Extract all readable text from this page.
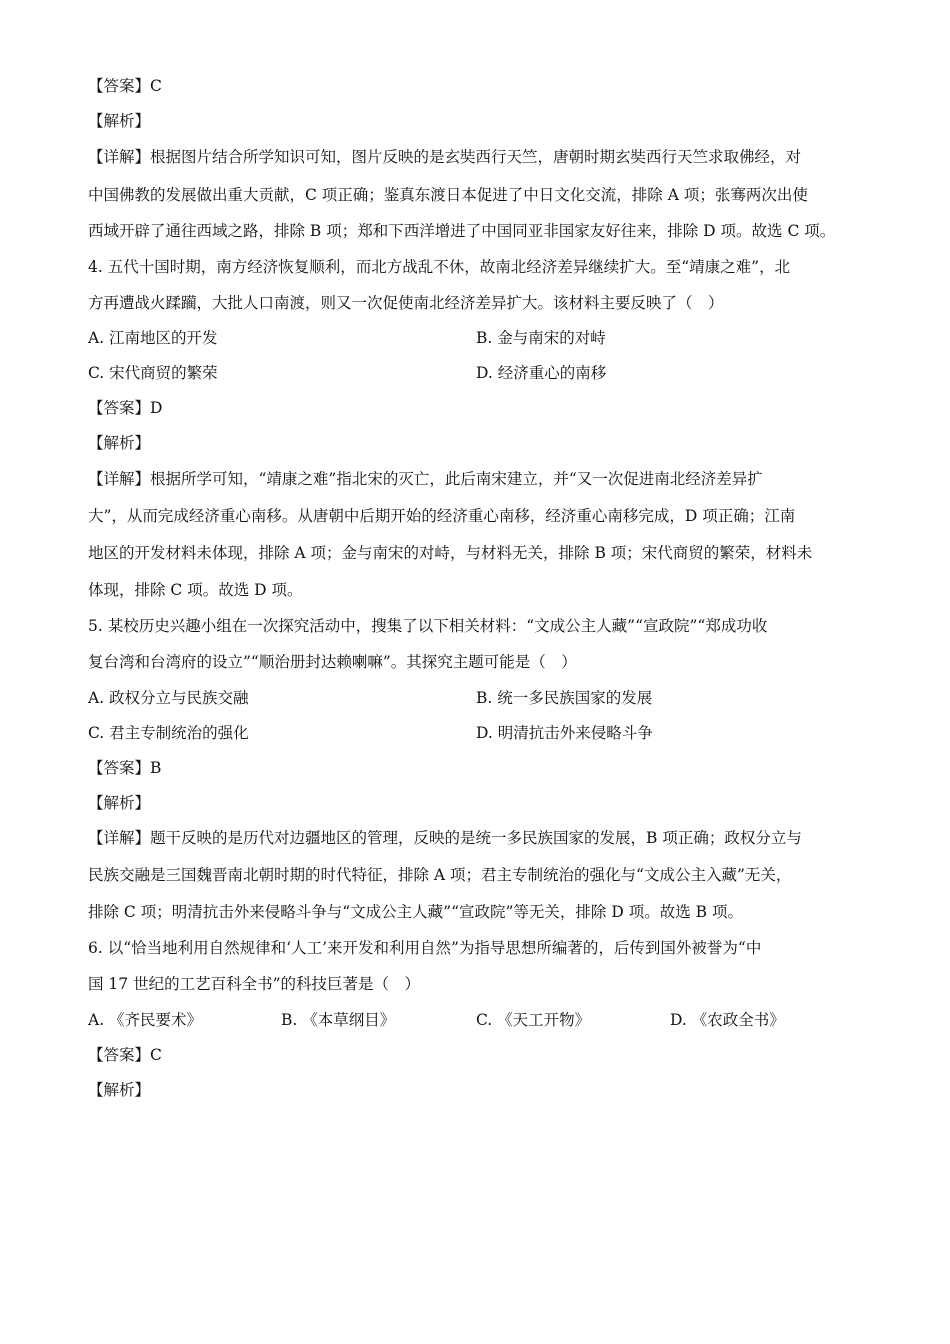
【答案】C
【解析】
【详解】根据图片结合所学知识可知，图片反映的是玄奘西行天竺，唐朝时期玄奘西行天竺求取佛经，对
中国佛教的发展做出重大贡献，C 项正确；鉴真东渡日本促进了中日文化交流，排除 A 项；张骞两次出使
西域开辟了通往西域之路，排除 B 项；郑和下西洋增进了中国同亚非国家友好往来，排除 D 项。故选 C 项。
4. 五代十国时期，南方经济恢复顺利，而北方战乱不休，故南北经济差异继续扩大。至“靖康之难”，北
方再遭战火蹂躏，大批人口南渡，则又一次促使南北经济差异扩大。该材料主要反映了（　）
A. 江南地区的开发	B. 金与南宋的对峙
C. 宋代商贸的繁荣	D. 经济重心的南移
【答案】D
【解析】
【详解】根据所学可知，“靖康之难”指北宋的灭亡，此后南宋建立，并“又一次促进南北经济差异扩
大”，从而完成经济重心南移。从唐朝中后期开始的经济重心南移，经济重心南移完成，D 项正确；江南
地区的开发材料未体现，排除 A 项；金与南宋的对峙，与材料无关，排除 B 项；宋代商贸的繁荣，材料未
体现，排除 C 项。故选 D 项。
5. 某校历史兴趣小组在一次探究活动中，搜集了以下相关材料：“文成公主人藏”“宣政院”“郑成功收
复台湾和台湾府的设立”“顺治册封达赖喇嘛”。其探究主题可能是（　）
A. 政权分立与民族交融	B. 统一多民族国家的发展
C. 君主专制统治的强化	D. 明清抗击外来侵略斗争
【答案】B
【解析】
【详解】题干反映的是历代对边疆地区的管理，反映的是统一多民族国家的发展，B 项正确；政权分立与
民族交融是三国魏晋南北朝时期的时代特征，排除 A 项；君主专制统治的强化与“文成公主入藏”无关，
排除 C 项；明清抗击外来侵略斗争与“文成公主人藏”“宣政院”等无关，排除 D 项。故选 B 项。
6. 以“恰当地利用自然规律和‘人工’来开发和利用自然”为指导思想所编著的，后传到国外被誉为“中
国 17 世纪的工艺百科全书”的科技巨著是（　）
A. 《齐民要术》	B. 《本草纲目》	C. 《天工开物》	D. 《农政全书》
【答案】C
【解析】
